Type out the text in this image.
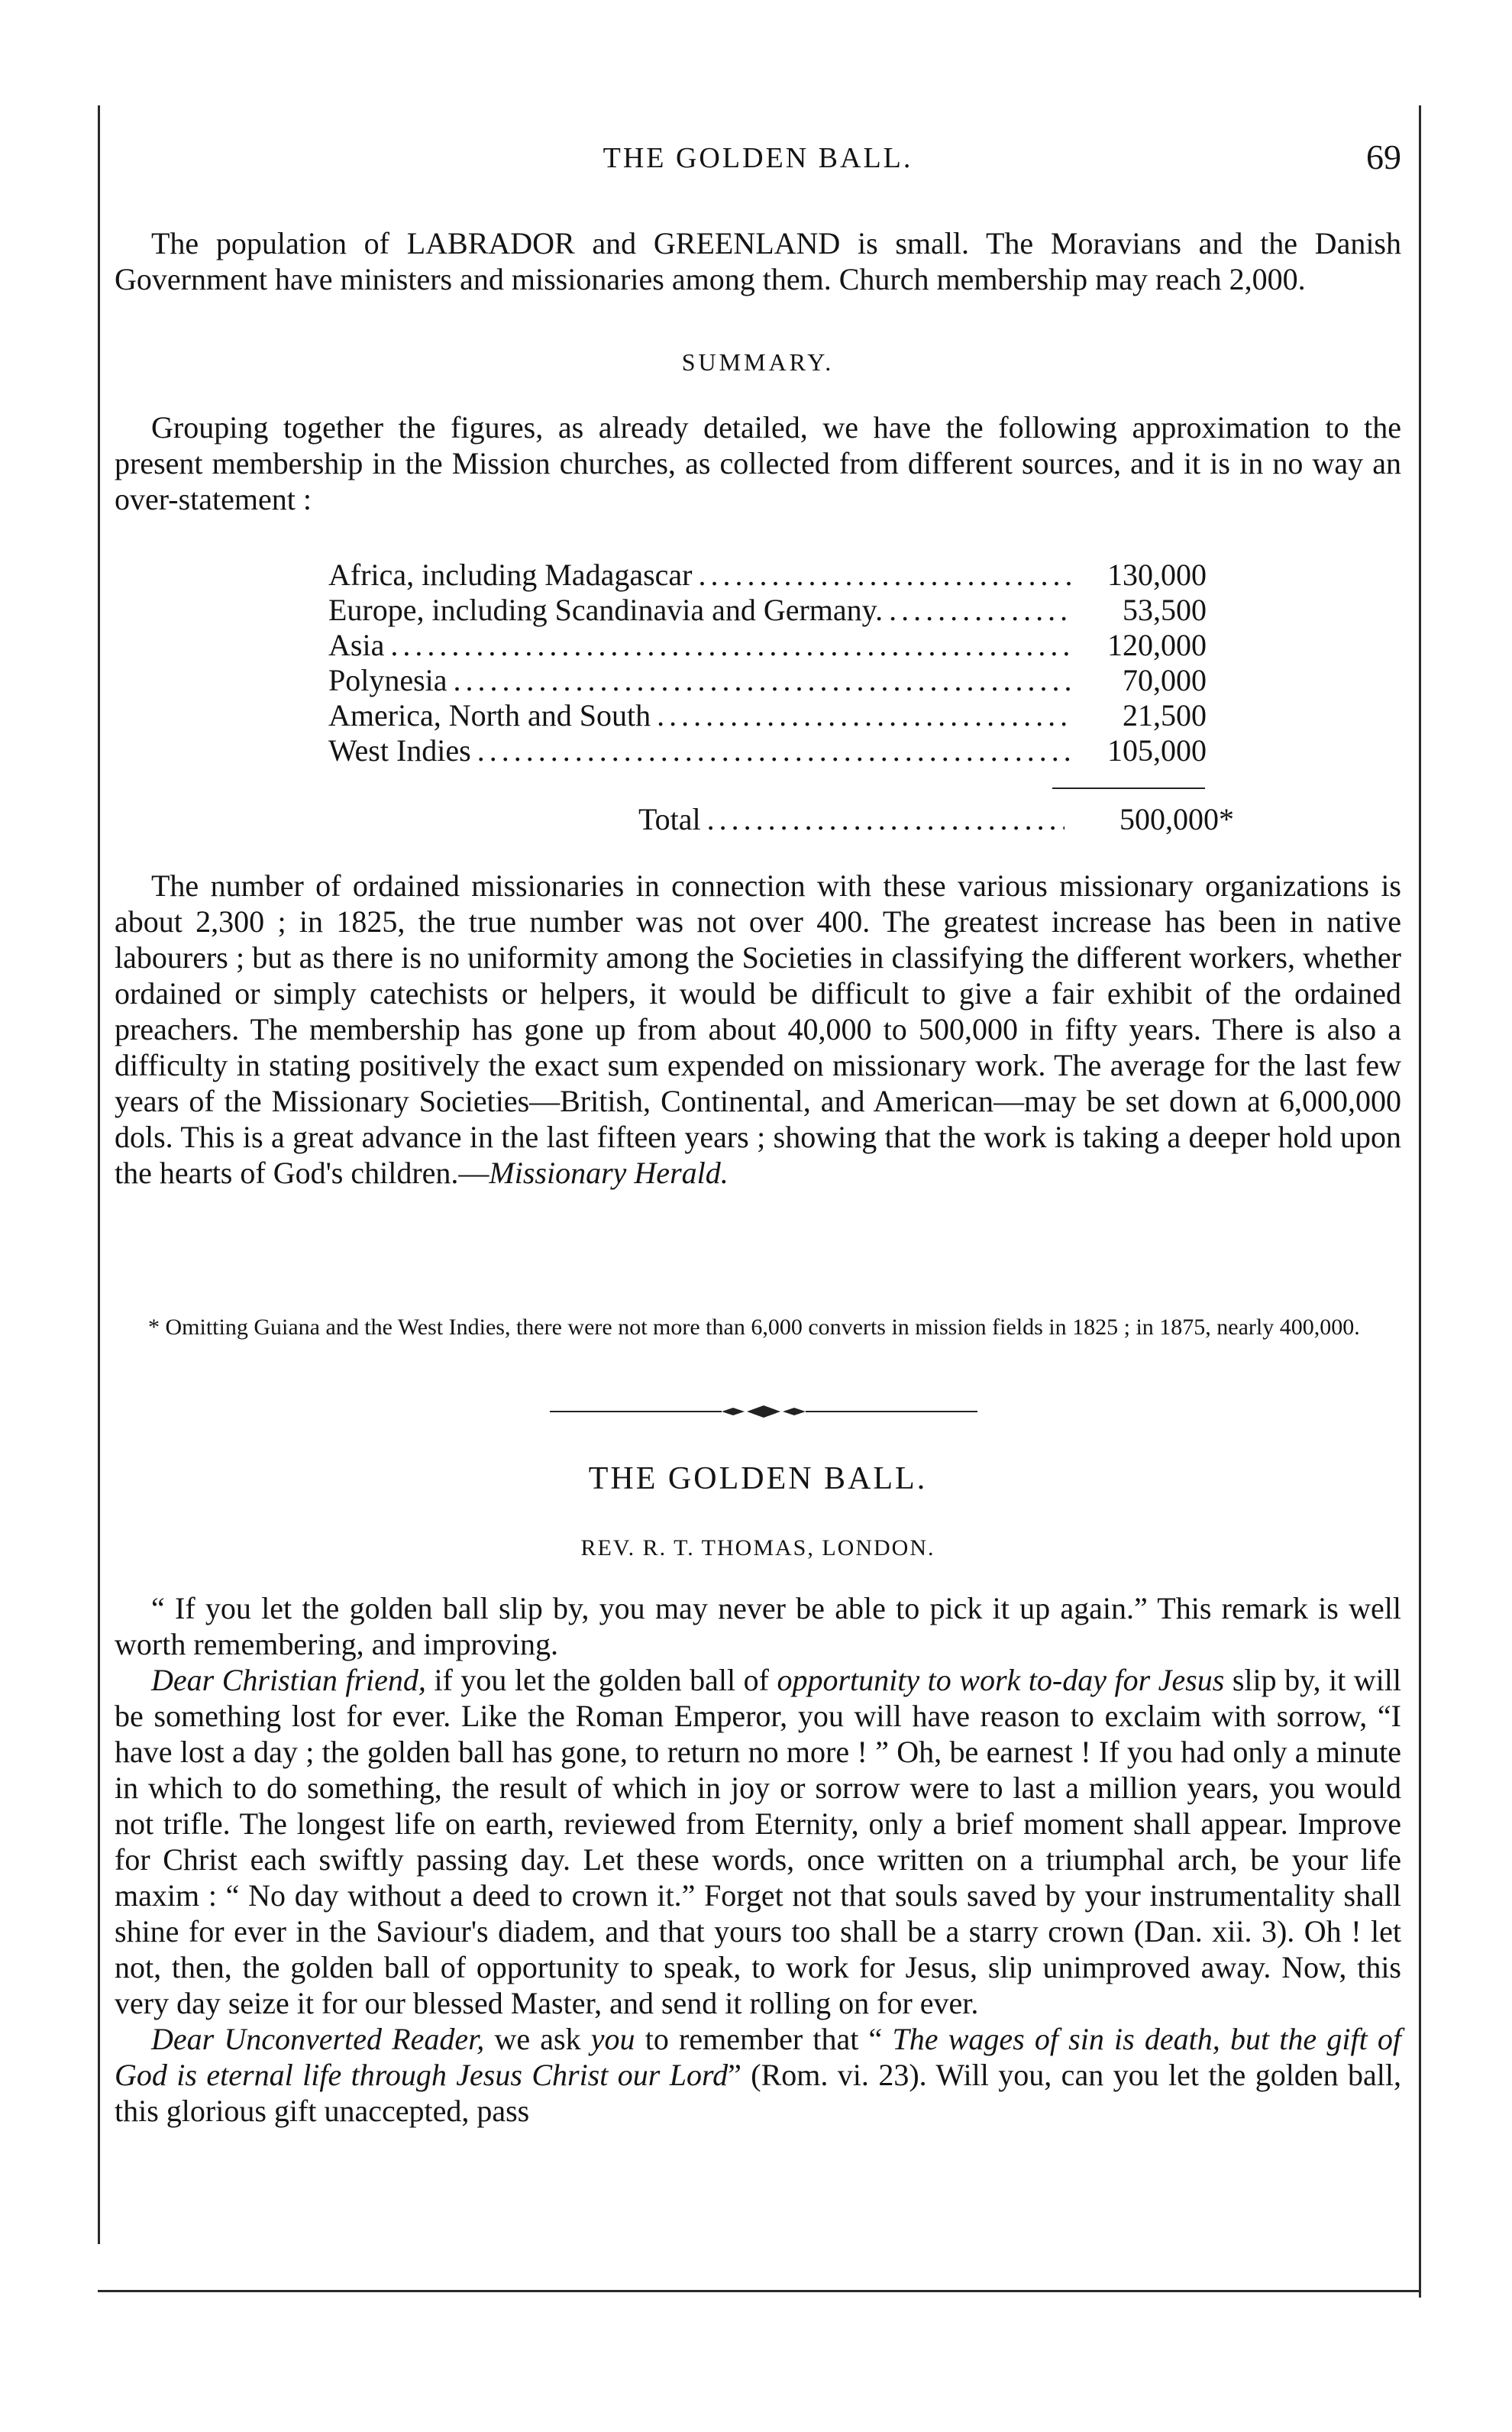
THE GOLDEN BALL.	69

The population of LABRADOR and GREENLAND is small. The Moravians and the Danish Government have ministers and missionaries among them. Church membership may reach 2,000.

SUMMARY.

Grouping together the figures, as already detailed, we have the following approximation to the present membership in the Mission churches, as collected from different sources, and it is in no way an over-statement :

Africa, including Madagascar . . .	130,000
Europe, including Scandinavia and Germany. . . .	53,500
Asia . . .	120,000
Polynesia . . .	70,000
America, North and South . . .	21,500
West Indies . . .	105,000
Total . . .	500,000*

The number of ordained missionaries in connection with these various missionary organizations is about 2,300 ; in 1825, the true number was not over 400. The greatest increase has been in native labourers ; but as there is no uniformity among the Societies in classifying the different workers, whether ordained or simply catechists or helpers, it would be difficult to give a fair exhibit of the ordained preachers. The membership has gone up from about 40,000 to 500,000 in fifty years. There is also a difficulty in stating positively the exact sum expended on missionary work. The average for the last few years of the Missionary Societies—British, Continental, and American—may be set down at 6,000,000 dols. This is a great advance in the last fifteen years ; showing that the work is taking a deeper hold upon the hearts of God's children.—Missionary Herald.

* Omitting Guiana and the West Indies, there were not more than 6,000 converts in mission fields in 1825 ; in 1875, nearly 400,000.

THE GOLDEN BALL.
REV. R. T. THOMAS, LONDON.

“ If you let the golden ball slip by, you may never be able to pick it up again.” This remark is well worth remembering, and improving.

Dear Christian friend, if you let the golden ball of opportunity to work to-day for Jesus slip by, it will be something lost for ever. Like the Roman Emperor, you will have reason to exclaim with sorrow, “I have lost a day ; the golden ball has gone, to return no more ! ” Oh, be earnest ! If you had only a minute in which to do something, the result of which in joy or sorrow were to last a million years, you would not trifle. The longest life on earth, reviewed from Eternity, only a brief moment shall appear. Improve for Christ each swiftly passing day. Let these words, once written on a triumphal arch, be your life maxim : “ No day without a deed to crown it.” Forget not that souls saved by your instrumentality shall shine for ever in the Saviour's diadem, and that yours too shall be a starry crown (Dan. xii. 3). Oh ! let not, then, the golden ball of opportunity to speak, to work for Jesus, slip unimproved away. Now, this very day seize it for our blessed Master, and send it rolling on for ever.

Dear Unconverted Reader, we ask you to remember that “ The wages of sin is death, but the gift of God is eternal life through Jesus Christ our Lord” (Rom. vi. 23). Will you, can you let the golden ball, this glorious gift unaccepted, pass
